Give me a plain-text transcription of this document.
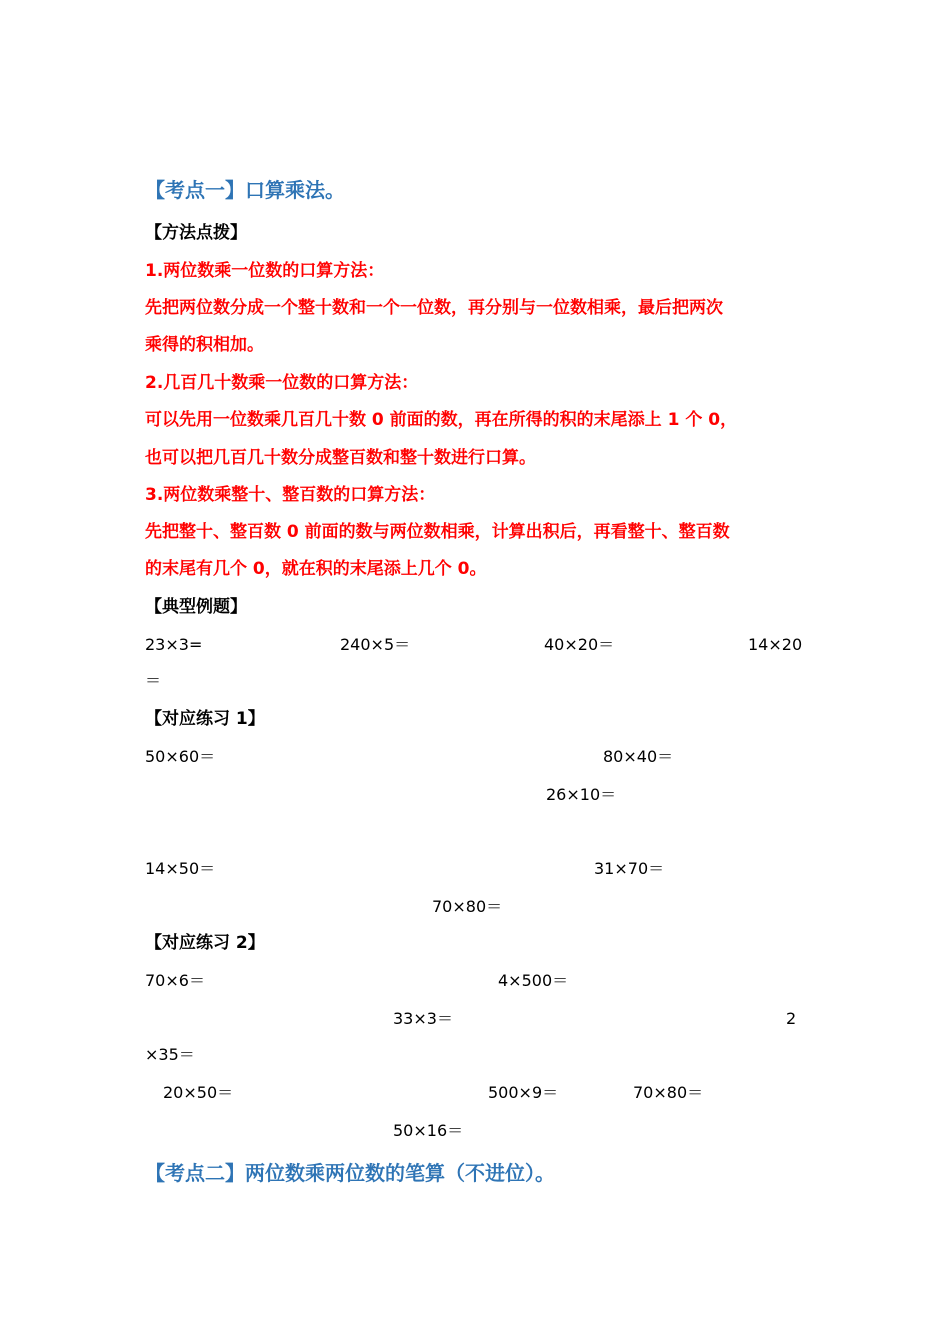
【考点一】口算乘法。
【方法点拨】
1.两位数乘一位数的口算方法：
先把两位数分成一个整十数和一个一位数，再分别与一位数相乘，最后把两次
乘得的积相加。
2.几百几十数乘一位数的口算方法：
可以先用一位数乘几百几十数 0 前面的数，再在所得的积的末尾添上 1 个 0，
也可以把几百几十数分成整百数和整十数进行口算。
3.两位数乘整十、整百数的口算方法：
先把整十、整百数 0 前面的数与两位数相乘，计算出积后，再看整十、整百数
的末尾有几个 0，就在积的末尾添上几个 0。
【典型例题】
23×3=	240×5＝	40×20＝	14×20
＝
【对应练习 1】
50×60＝	80×40＝
26×10＝
14×50＝	31×70＝
70×80＝
【对应练习 2】
70×6＝	4×500＝
33×3＝	2
×35＝
20×50＝	500×9＝	70×80＝
50×16＝
【考点二】两位数乘两位数的笔算（不进位）。
